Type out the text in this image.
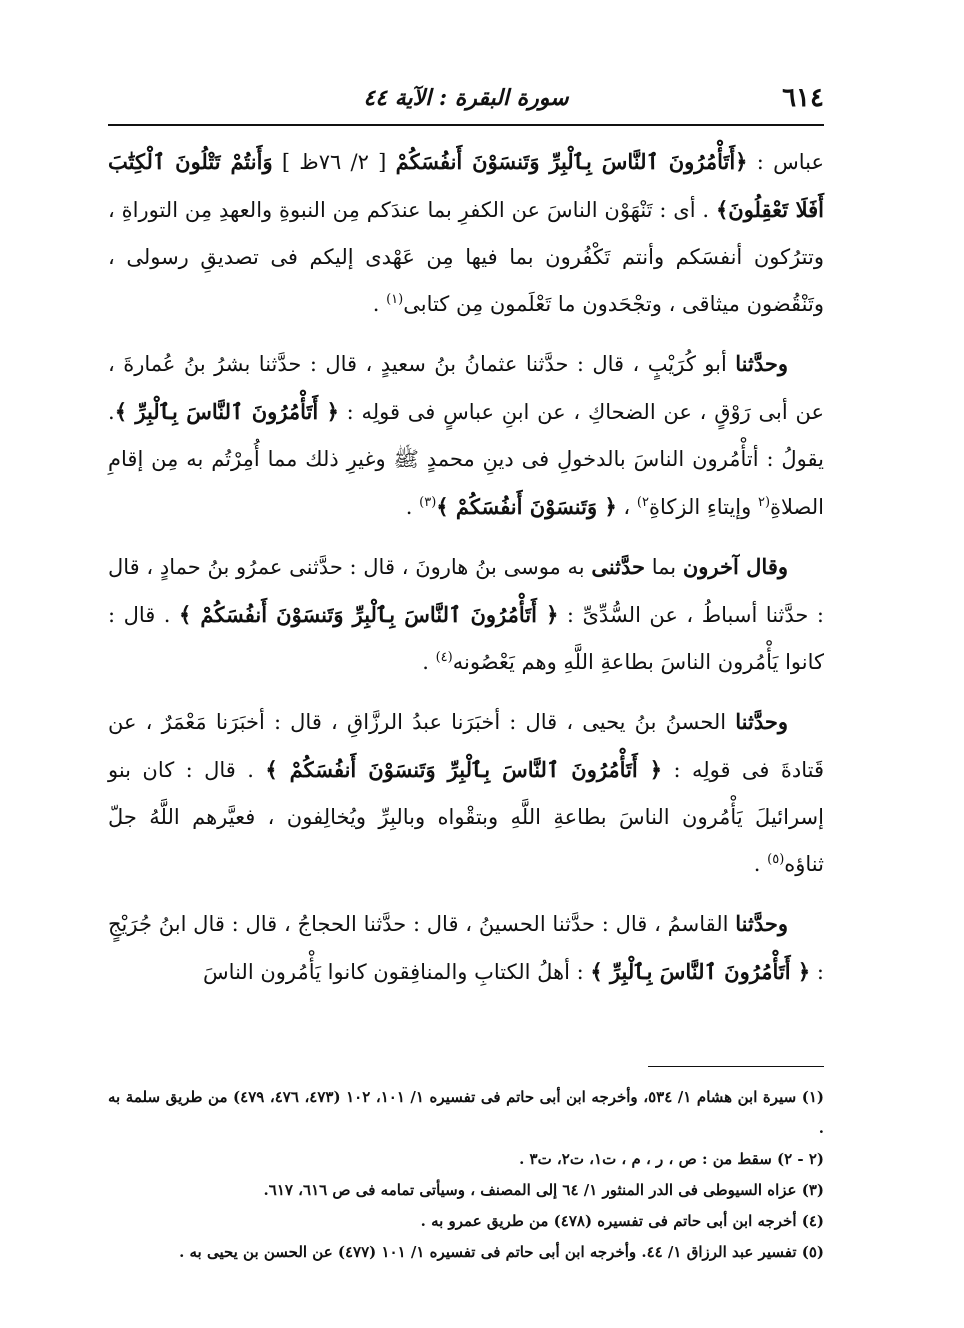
٦١٤
سورة البقرة : الآية ٤٤

عباس : ﴿أَتَأْمُرُونَ ٱلنَّاسَ بِٱلْبِرِّ وَتَنسَوْنَ أَنفُسَكُمْ [ ٢/ ٧٦ظ ] وَأَنتُمْ تَتْلُونَ ٱلْكِتَٰبَ أَفَلَا تَعْقِلُونَ﴾ . أى : تَنْهَوْن الناسَ عن الكفرِ بما عندَكم مِن النبوةِ والعهدِ مِن التوراةِ ، وتترُكون أنفسَكم وأنتم تَكْفُرون بما فيها مِن عَهْدى إليكم فى تصديقِ رسولى ، وتَنْقُضون ميثاقى ، وتجْحَدون ما تَعْلَمون مِن كتابى$^{(١)}$ .

وحدَّثنا أبو كُرَيْبٍ ، قال : حدَّثنا عثمانُ بنُ سعيدٍ ، قال : حدَّثنا بشرُ بنُ عُمارةَ ، عن أبى رَوْقٍ ، عن الضحاكِ ، عن ابنِ عباسٍ فى قولِه : ﴿ أَتَأْمُرُونَ ٱلنَّاسَ بِٱلْبِرِّ ﴾. يقولُ : أتأْمُرون الناسَ بالدخولِ فى دينِ محمدٍ ﷺ وغيرِ ذلك مما أُمِرْتُم به مِن إقامِ الصلاةِ$^{(٢}$ وإيتاءِ الزكاةِ$^{٢)}$ ، ﴿ وَتَنسَوْنَ أَنفُسَكُمْ ﴾$^{(٣)}$ .

وقال آخرون بما حدَّثنى به موسى بنُ هارونَ ، قال : حدَّثنى عمرُو بنُ حمادٍ ، قال : حدَّثنا أسباطُ ، عن السُّدِّىِّ : ﴿ أَتَأْمُرُونَ ٱلنَّاسَ بِٱلْبِرِّ وَتَنسَوْنَ أَنفُسَكُمْ ﴾ . قال : كانوا يَأْمُرون الناسَ بطاعةِ اللَّهِ وهم يَعْصُونه$^{(٤)}$ .

وحدَّثنا الحسنُ بنُ يحيى ، قال : أخبَرَنا عبدُ الرزَّاقِ ، قال : أخبَرَنا مَعْمَرٌ ، عن قَتادةَ فى قولِه : ﴿ أَتَأْمُرُونَ ٱلنَّاسَ بِٱلْبِرِّ وَتَنسَوْنَ أَنفُسَكُمْ ﴾ . قال : كان بنو إسرائيلَ يَأْمُرون الناسَ بطاعةِ اللَّهِ وبتقْواه وبالبِرِّ ويُخالِفون ، فعيَّرهم اللَّهُ جلّ ثناؤه$^{(٥)}$ .

وحدَّثنا القاسمُ ، قال : حدَّثنا الحسينُ ، قال : حدَّثنا الحجاجُ ، قال : قال ابنُ جُرَيْجٍ : ﴿ أَتَأْمُرُونَ ٱلنَّاسَ بِٱلْبِرِّ ﴾ : أهلُ الكتابِ والمنافِقون كانوا يَأْمُرون الناسَ

(١) سيرة ابن هشام ١/ ٥٣٤، وأخرجه ابن أبى حاتم فى تفسيره ١/ ١٠١، ١٠٢ (٤٧٣، ٤٧٦، ٤٧٩) من طريق سلمة به .

(٢ - ٢) سقط من : ص ، ر ، م ، ت١، ت٢، ت٣ .

(٣) عزاه السيوطى فى الدر المنثور ١/ ٦٤ إلى المصنف ، وسيأتى تمامه فى ص ٦١٦، ٦١٧.

(٤) أخرجه ابن أبى حاتم فى تفسيره (٤٧٨) من طريق عمرو به .

(٥) تفسير عبد الرزاق ١/ ٤٤. وأخرجه ابن أبى حاتم فى تفسيره ١/ ١٠١ (٤٧٧) عن الحسن بن يحيى به .
